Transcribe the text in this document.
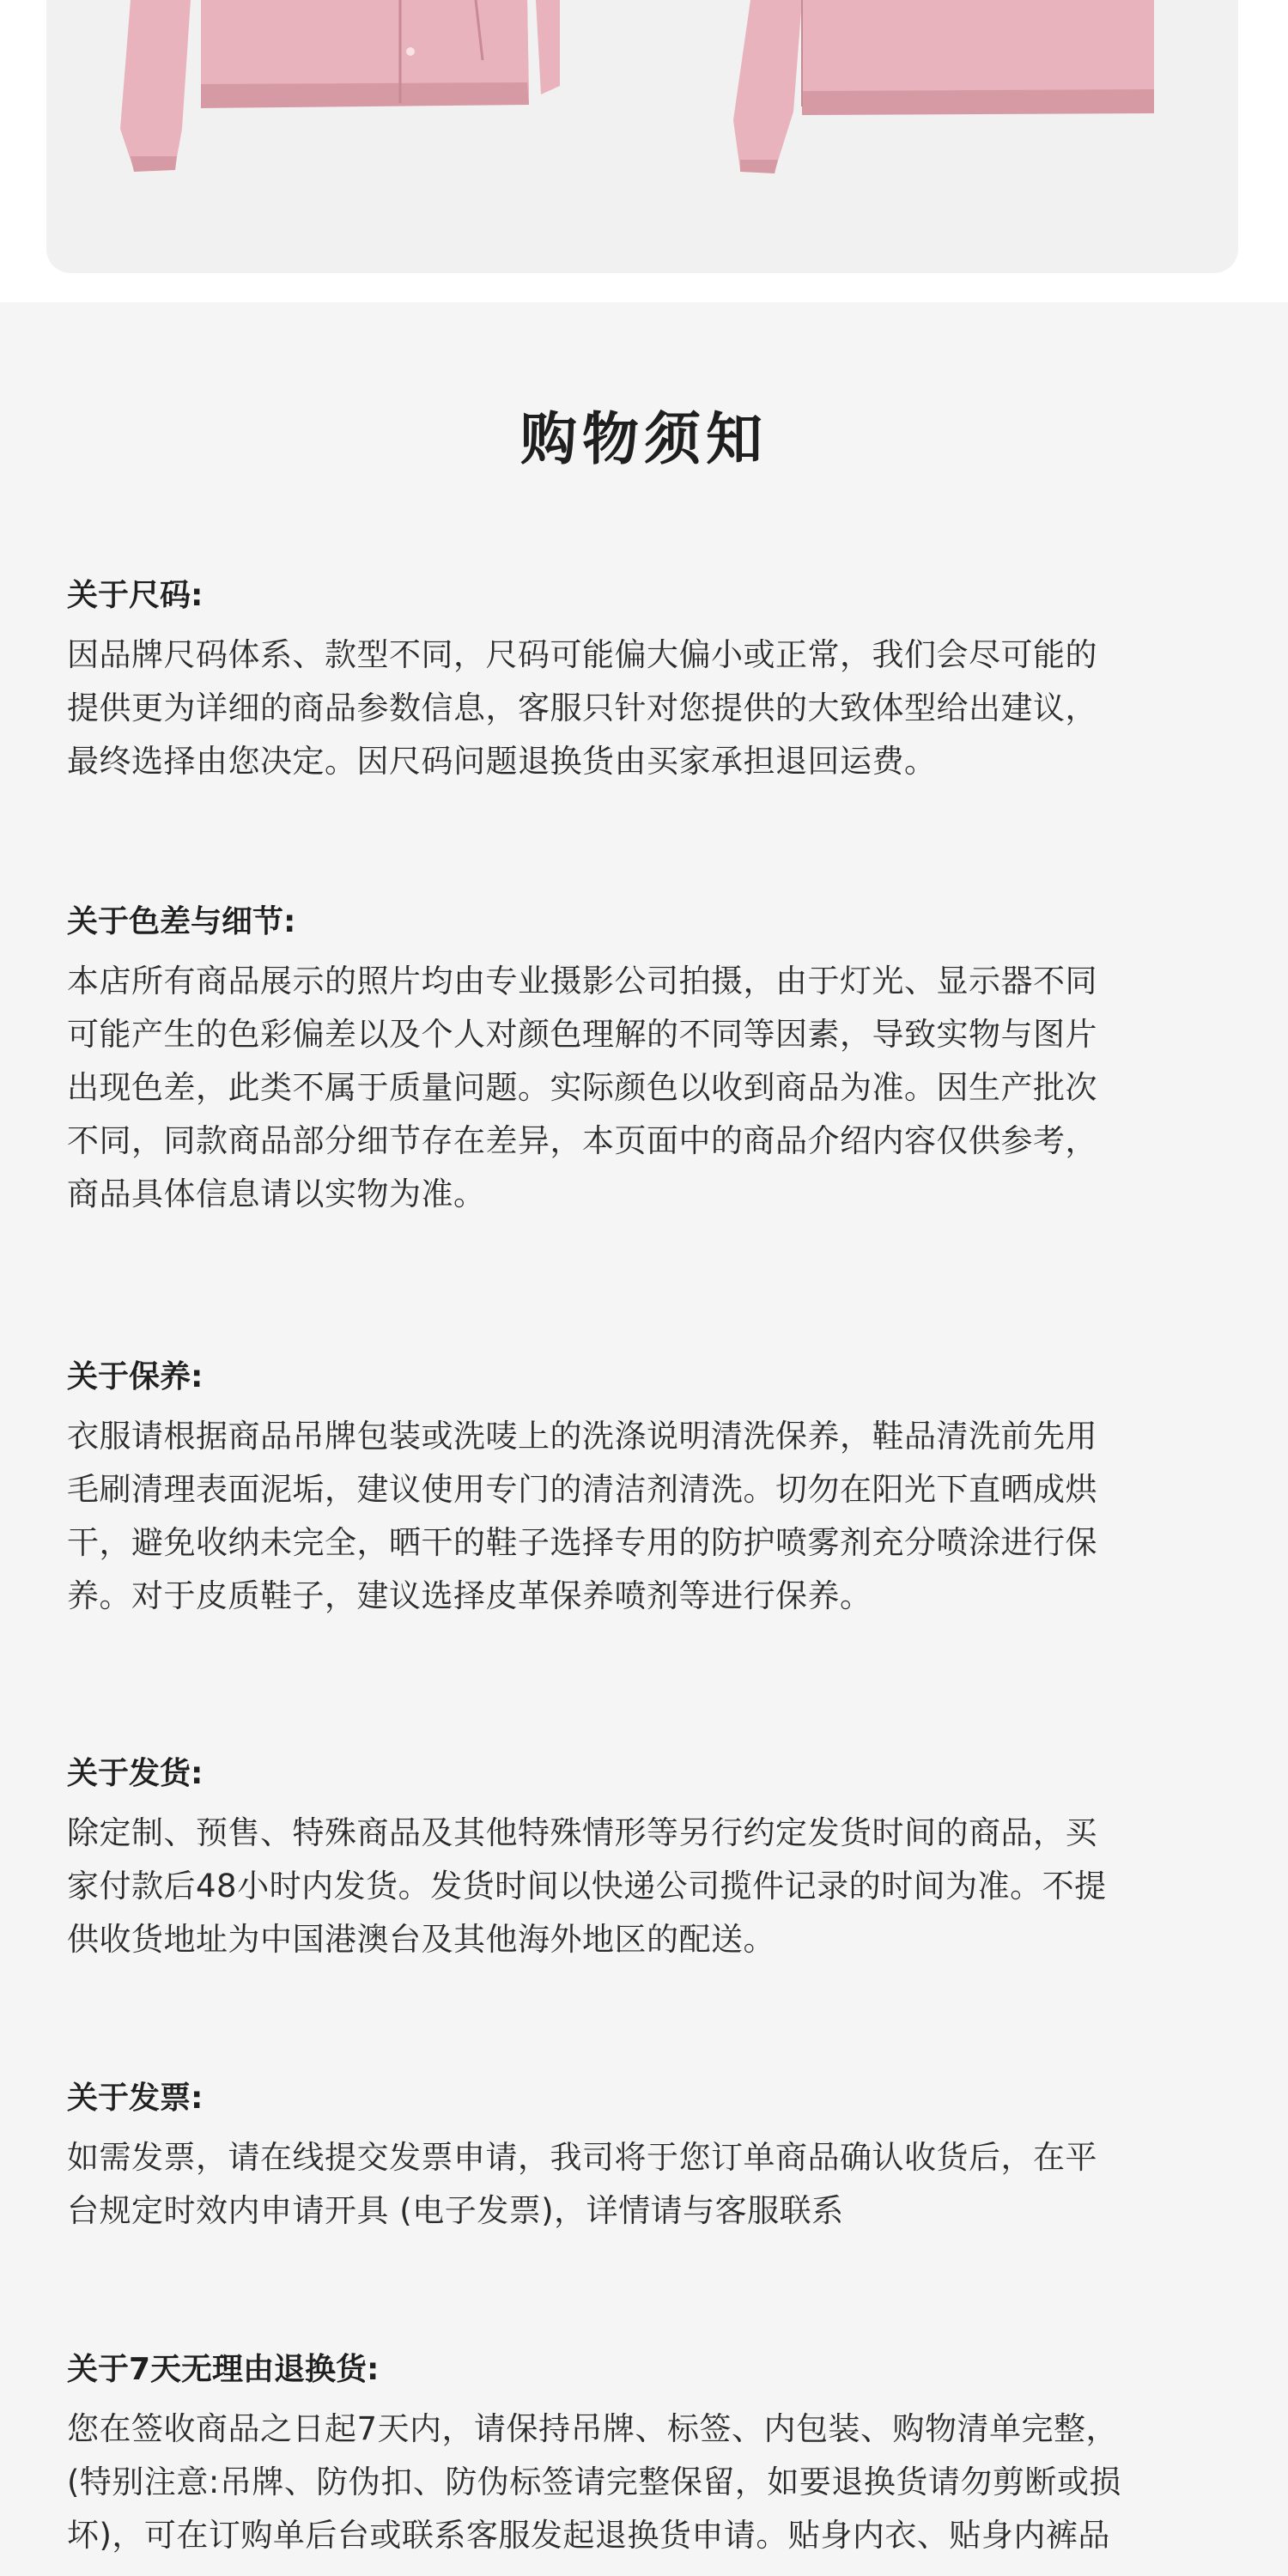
购物须知

关于尺码:

因品牌尺码体系、款型不同，尺码可能偏大偏小或正常，我们会尽可能的
提供更为详细的商品参数信息，客服只针对您提供的大致体型给出建议，
最终选择由您决定。因尺码问题退换货由买家承担退回运费。

关于色差与细节:

本店所有商品展示的照片均由专业摄影公司拍摄，由于灯光、显示器不同
可能产生的色彩偏差以及个人对颜色理解的不同等因素，导致实物与图片
出现色差，此类不属于质量问题。实际颜色以收到商品为准。因生产批次
不同，同款商品部分细节存在差异，本页面中的商品介绍内容仅供参考，
商品具体信息请以实物为准。

关于保养:

衣服请根据商品吊牌包装或洗唛上的洗涤说明清洗保养，鞋品清洗前先用
毛刷清理表面泥垢，建议使用专门的清洁剂清洗。切勿在阳光下直晒成烘
干，避免收纳未完全，晒干的鞋子选择专用的防护喷雾剂充分喷涂进行保
养。对于皮质鞋子，建议选择皮革保养喷剂等进行保养。

关于发货:

除定制、预售、特殊商品及其他特殊情形等另行约定发货时间的商品，买
家付款后48小时内发货。发货时间以快递公司揽件记录的时间为准。不提
供收货地址为中国港澳台及其他海外地区的配送。

关于发票:

如需发票，请在线提交发票申请，我司将于您订单商品确认收货后，在平
台规定时效内申请开具 (电子发票)，详情请与客服联系

关于7天无理由退换货:

您在签收商品之日起7天内，请保持吊牌、标签、内包装、购物清单完整，
(特别注意:吊牌、防伪扣、防伪标签请完整保留，如要退换货请勿剪断或损
坏)，可在订购单后台或联系客服发起退换货申请。贴身内衣、贴身内裤品
